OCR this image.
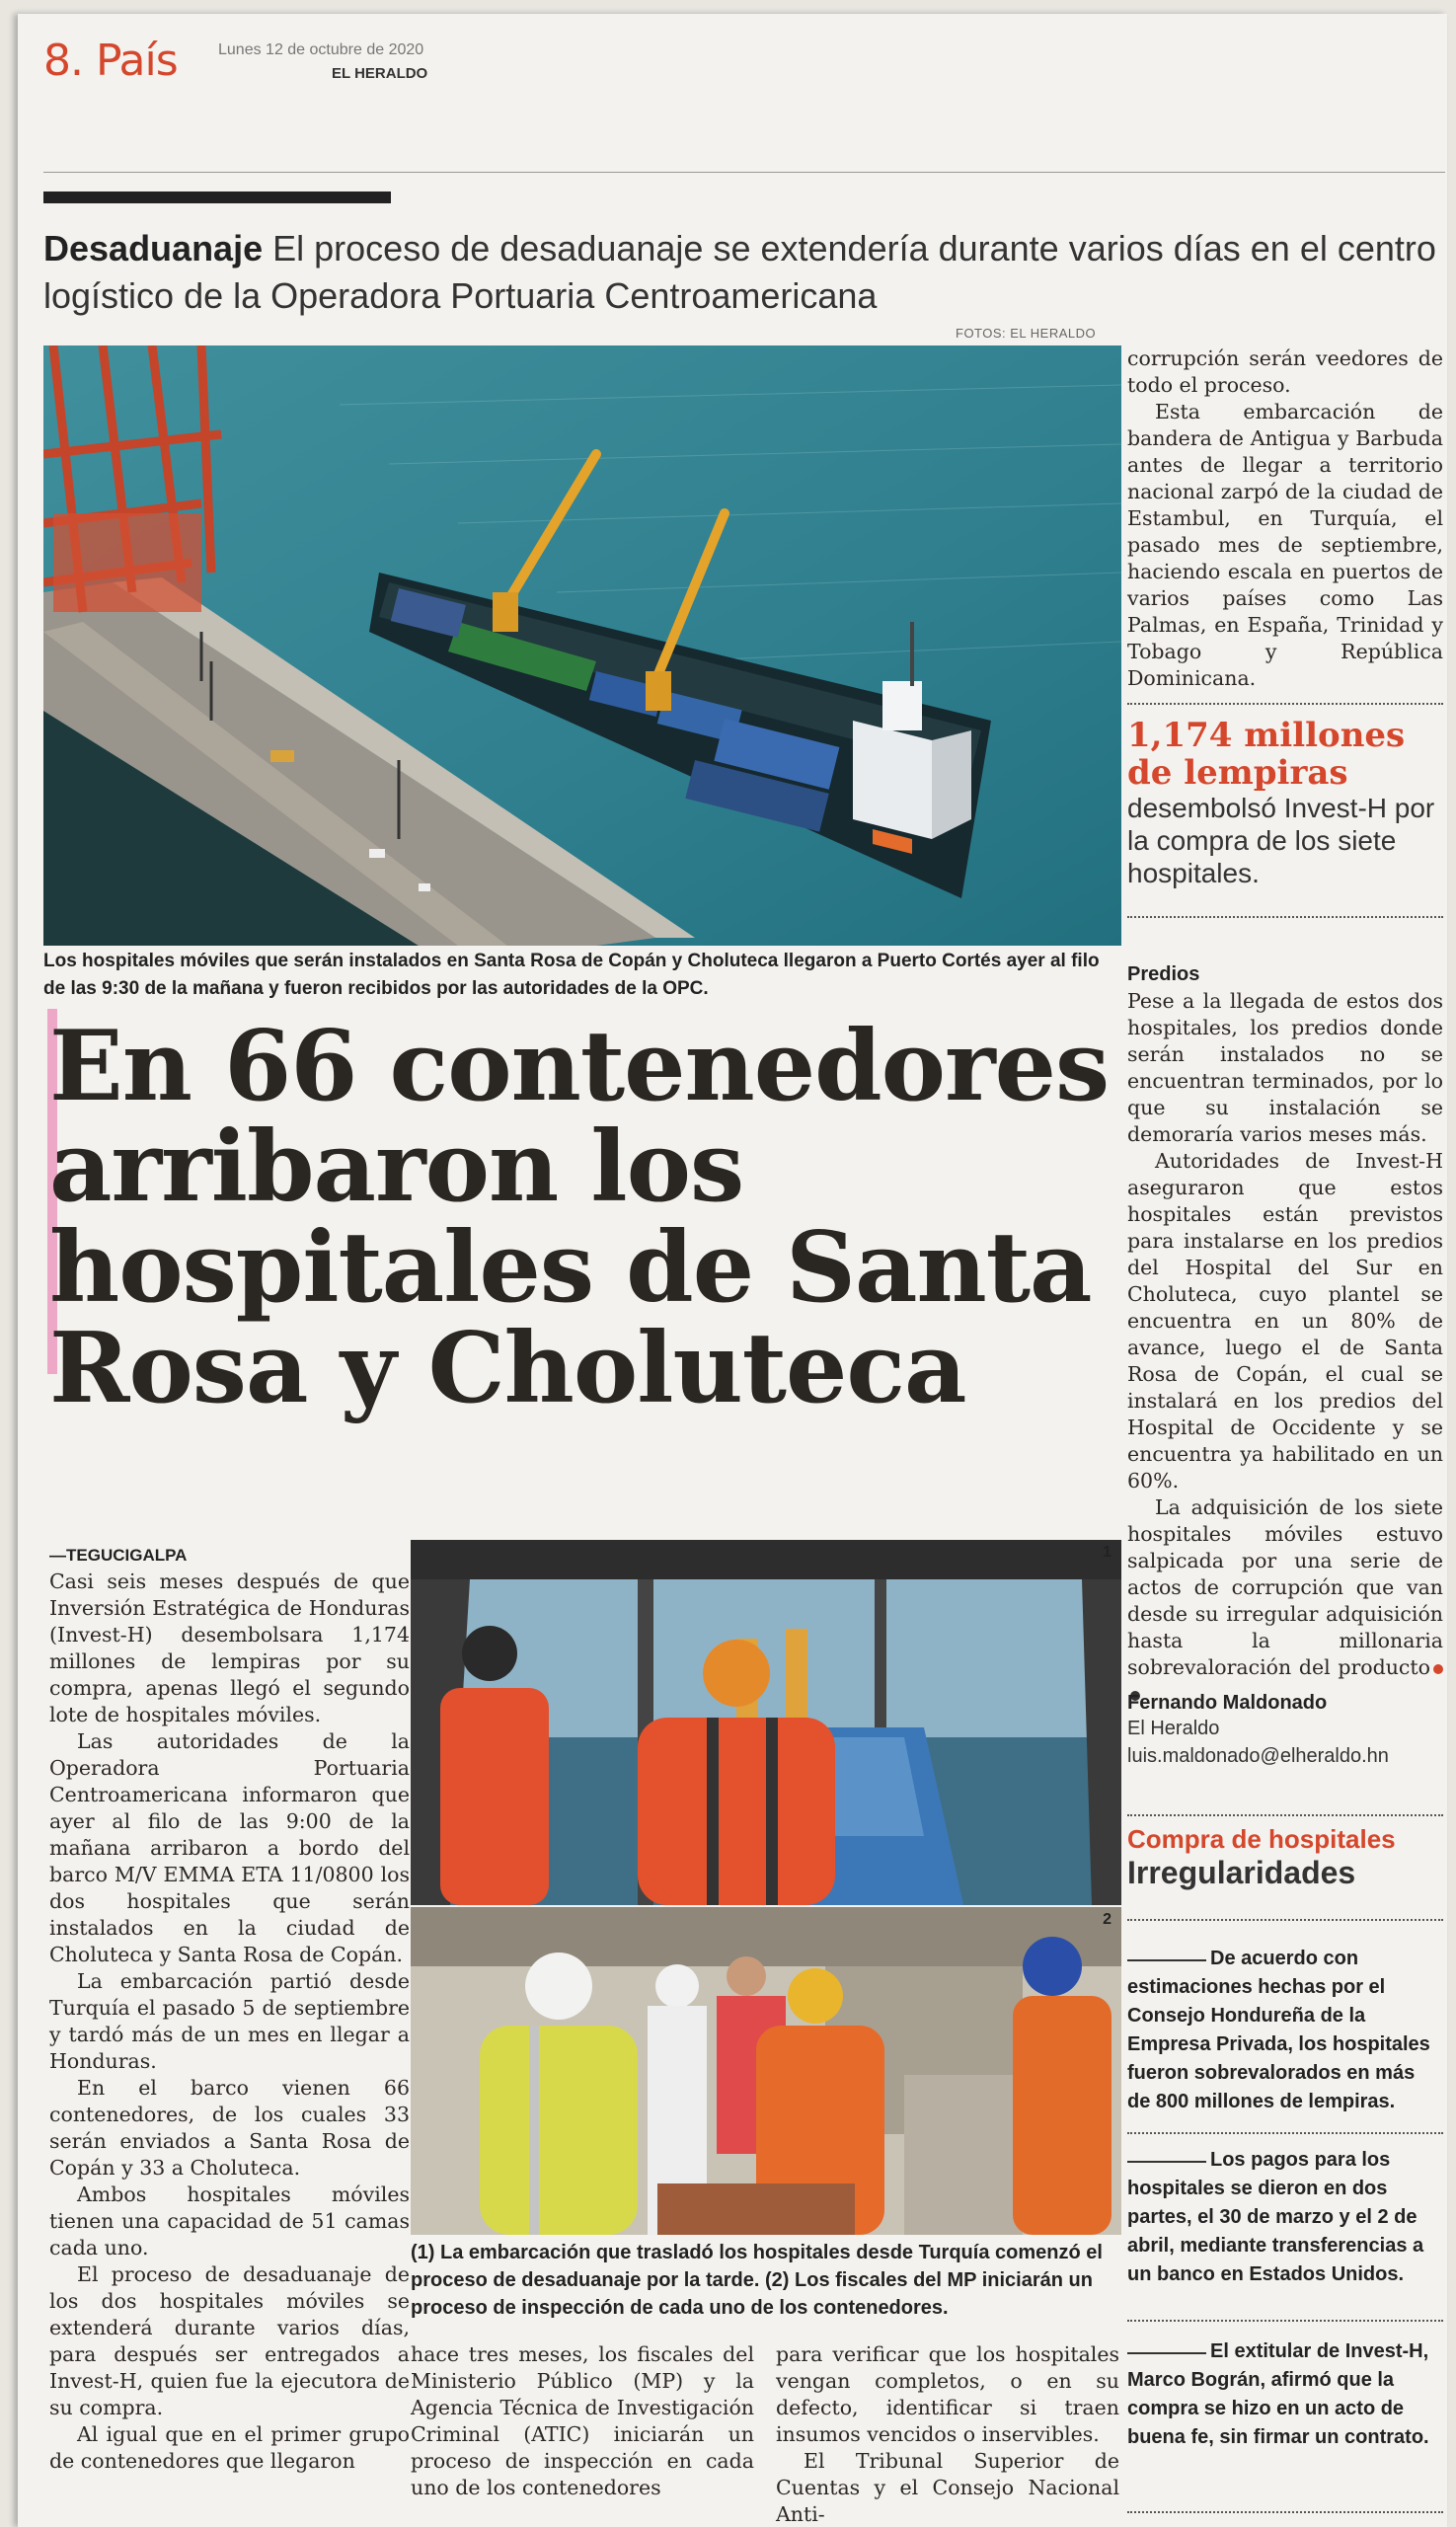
8. País	Lunes 12 de octubre de 2020
EL HERALDO
Desaduanaje El proceso de desaduanaje se extendería durante varios días en el centro logístico de la Operadora Portuaria Centroamericana
FOTOS: EL HERALDO
Los hospitales móviles que serán instalados en Santa Rosa de Copán y Choluteca llegaron a Puerto Cortés ayer al filo de las 9:30 de la mañana y fueron recibidos por las autoridades de la OPC.
En 66 contenedores arribaron los hospitales de Santa Rosa y Choluteca
—TEGUCIGALPA

Casi seis meses después de que Inversión Estratégica de Honduras (Invest-H) desembolsara 1,174 millones de lempiras por su compra, apenas llegó el segundo lote de hospitales móviles.

Las autoridades de la Operadora Portuaria Centroamericana informaron que ayer al filo de las 9:00 de la mañana arribaron a bordo del barco M/V EMMA ETA 11/0800 los dos hospitales que serán instalados en la ciudad de Choluteca y Santa Rosa de Copán.

La embarcación partió desde Turquía el pasado 5 de septiembre y tardó más de un mes en llegar a Honduras.

En el barco vienen 66 contenedores, de los cuales 33 serán enviados a Santa Rosa de Copán y 33 a Choluteca.

Ambos hospitales móviles tienen una capacidad de 51 camas cada uno.

El proceso de desaduanaje de los dos hospitales móviles se extenderá durante varios días, para después ser entregados a Invest-H, quien fue la ejecutora de su compra.

Al igual que en el primer grupo de contenedores que llegaron

1
2
(1) La embarcación que trasladó los hospitales desde Turquía comenzó el proceso de desaduanaje por la tarde. (2) Los fiscales del MP iniciarán un proceso de inspección de cada uno de los contenedores.

hace tres meses, los fiscales del Ministerio Público (MP) y la Agencia Técnica de Investigación Criminal (ATIC) iniciarán un proceso de inspección en cada uno de los contenedores

para verificar que los hospitales vengan completos, o en su defecto, identificar si traen insumos vencidos o inservibles.

El Tribunal Superior de Cuentas y el Consejo Nacional Anti-

corrupción serán veedores de todo el proceso.

Esta embarcación de bandera de Antigua y Barbuda antes de llegar a territorio nacional zarpó de la ciudad de Estambul, en Turquía, el pasado mes de septiembre, haciendo escala en puertos de varios países como Las Palmas, en España, Trinidad y Tobago y República Dominicana.

1,174 millones de lempiras
desembolsó Invest-H por la compra de los siete hospitales.
Predios

Pese a la llegada de estos dos hospitales, los predios donde serán instalados no se encuentran terminados, por lo que su instalación se demoraría varios meses más.

Autoridades de Invest-H aseguraron que estos hospitales están previstos para instalarse en los predios del Hospital del Sur en Choluteca, cuyo plantel se encuentra en un 80% de avance, luego el de Santa Rosa de Copán, el cual se instalará en los predios del Hospital de Occidente y se encuentra ya habilitado en un 60%.

La adquisición de los siete hospitales móviles estuvo salpicada por una serie de actos de corrupción que van desde su irregular adquisición hasta la millonaria sobrevaloración del producto

Fernando Maldonado
El Heraldo
luis.maldonado@elheraldo.hn
Compra de hospitales
Irregularidades
De acuerdo con estimaciones hechas por el Consejo Hondureña de la Empresa Privada, los hospitales fueron sobrevalorados en más de 800 millones de lempiras.
Los pagos para los hospitales se dieron en dos partes, el 30 de marzo y el 2 de abril, mediante transferencias a un banco en Estados Unidos.
El extitular de Invest-H, Marco Bográn, afirmó que la compra se hizo en un acto de buena fe, sin firmar un contrato.
